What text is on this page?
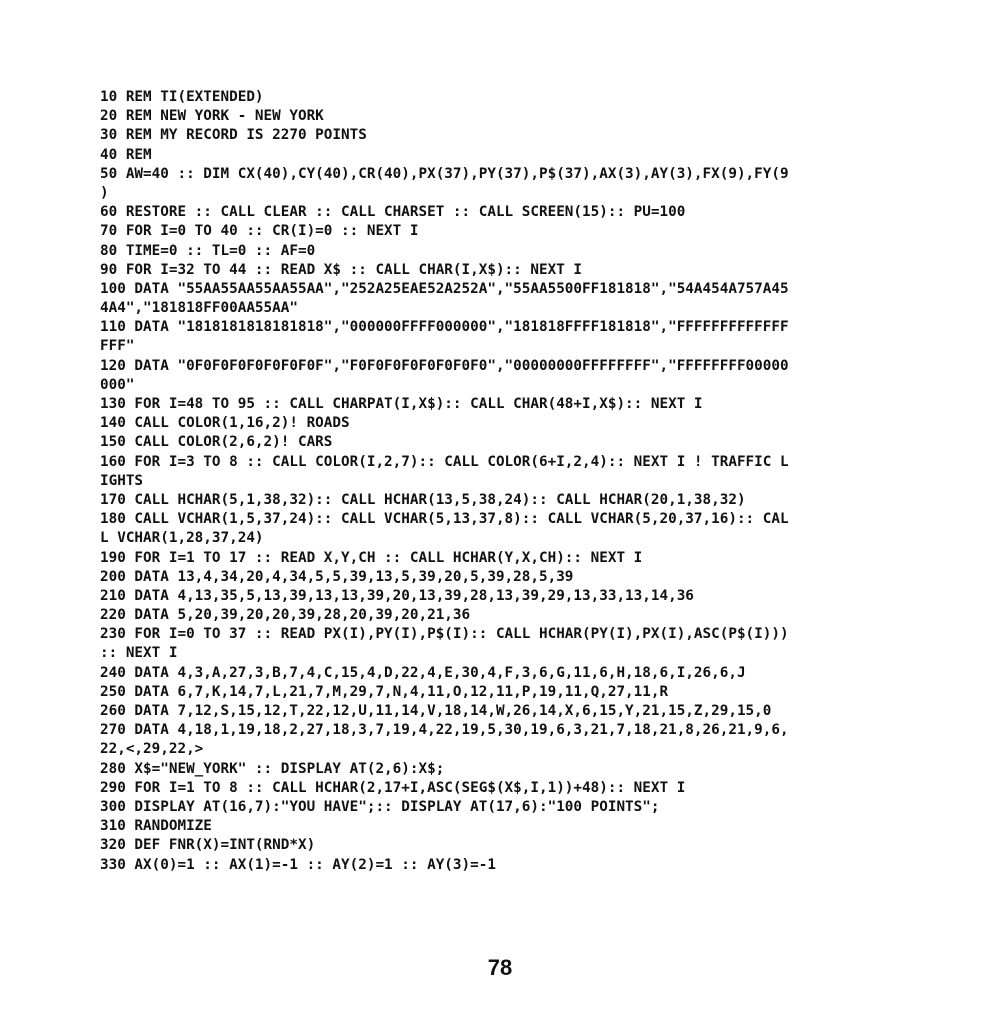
10 REM TI(EXTENDED)
20 REM NEW YORK - NEW YORK
30 REM MY RECORD IS 2270 POINTS
40 REM
50 AW=40 :: DIM CX(40),CY(40),CR(40),PX(37),PY(37),P$(37),AX(3),AY(3),FX(9),FY(9
)
60 RESTORE :: CALL CLEAR :: CALL CHARSET :: CALL SCREEN(15):: PU=100
70 FOR I=0 TO 40 :: CR(I)=0 :: NEXT I
80 TIME=0 :: TL=0 :: AF=0
90 FOR I=32 TO 44 :: READ X$ :: CALL CHAR(I,X$):: NEXT I
100 DATA "55AA55AA55AA55AA","252A25EAE52A252A","55AA5500FF181818","54A454A757A45
4A4","181818FF00AA55AA"
110 DATA "1818181818181818","000000FFFF000000","181818FFFF181818","FFFFFFFFFFFFF
FFF"
120 DATA "0F0F0F0F0F0F0F0F","F0F0F0F0F0F0F0F0","00000000FFFFFFFF","FFFFFFFF00000
000"
130 FOR I=48 TO 95 :: CALL CHARPAT(I,X$):: CALL CHAR(48+I,X$):: NEXT I
140 CALL COLOR(1,16,2)! ROADS
150 CALL COLOR(2,6,2)! CARS
160 FOR I=3 TO 8 :: CALL COLOR(I,2,7):: CALL COLOR(6+I,2,4):: NEXT I ! TRAFFIC L
IGHTS
170 CALL HCHAR(5,1,38,32):: CALL HCHAR(13,5,38,24):: CALL HCHAR(20,1,38,32)
180 CALL VCHAR(1,5,37,24):: CALL VCHAR(5,13,37,8):: CALL VCHAR(5,20,37,16):: CAL
L VCHAR(1,28,37,24)
190 FOR I=1 TO 17 :: READ X,Y,CH :: CALL HCHAR(Y,X,CH):: NEXT I
200 DATA 13,4,34,20,4,34,5,5,39,13,5,39,20,5,39,28,5,39
210 DATA 4,13,35,5,13,39,13,13,39,20,13,39,28,13,39,29,13,33,13,14,36
220 DATA 5,20,39,20,20,39,28,20,39,20,21,36
230 FOR I=0 TO 37 :: READ PX(I),PY(I),P$(I):: CALL HCHAR(PY(I),PX(I),ASC(P$(I)))
:: NEXT I
240 DATA 4,3,A,27,3,B,7,4,C,15,4,D,22,4,E,30,4,F,3,6,G,11,6,H,18,6,I,26,6,J
250 DATA 6,7,K,14,7,L,21,7,M,29,7,N,4,11,O,12,11,P,19,11,Q,27,11,R
260 DATA 7,12,S,15,12,T,22,12,U,11,14,V,18,14,W,26,14,X,6,15,Y,21,15,Z,29,15,0
270 DATA 4,18,1,19,18,2,27,18,3,7,19,4,22,19,5,30,19,6,3,21,7,18,21,8,26,21,9,6,
22,<,29,22,>
280 X$="NEW_YORK" :: DISPLAY AT(2,6):X$;
290 FOR I=1 TO 8 :: CALL HCHAR(2,17+I,ASC(SEG$(X$,I,1))+48):: NEXT I
300 DISPLAY AT(16,7):"YOU HAVE";:: DISPLAY AT(17,6):"100 POINTS";
310 RANDOMIZE
320 DEF FNR(X)=INT(RND*X)
330 AX(0)=1 :: AX(1)=-1 :: AY(2)=1 :: AY(3)=-1
78
